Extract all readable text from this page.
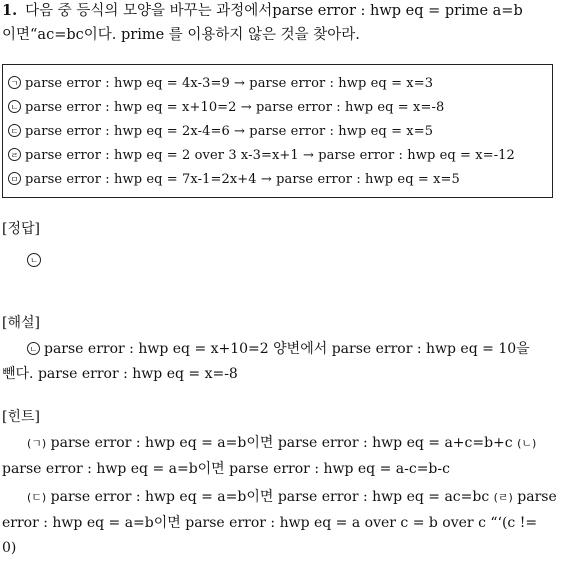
1. 다음 중 등식의 모양을 바꾸는 과정에서parse error : hwp eq = prime a=b
이면“ac=bc이다. prime 를 이용하지 않은 것을 찾아라.
ㄱ parse error : hwp eq = 4x-3=9 → parse error : hwp eq = x=3
ㄴ parse error : hwp eq = x+10=2 → parse error : hwp eq = x=-8
ㄷ parse error : hwp eq = 2x-4=6 → parse error : hwp eq = x=5
ㄹ parse error : hwp eq = 2 over 3 x-3=x+1 → parse error : hwp eq = x=-12
ㅁ parse error : hwp eq = 7x-1=2x+4 → parse error : hwp eq = x=5
[정답]
ㄴ
[해설]
ㄴ parse error : hwp eq = x+10=2 양변에서 parse error : hwp eq = 10을
뺀다. parse error : hwp eq = x=-8
[힌트]
(ㄱ) parse error : hwp eq = a=b이면 parse error : hwp eq = a+c=b+c (ㄴ)
parse error : hwp eq = a=b이면 parse error : hwp eq = a-c=b-c
(ㄷ) parse error : hwp eq = a=b이면 parse error : hwp eq = ac=bc (ㄹ) parse
error : hwp eq = a=b이면 parse error : hwp eq = a over c = b over c “‘(c !=
0)
